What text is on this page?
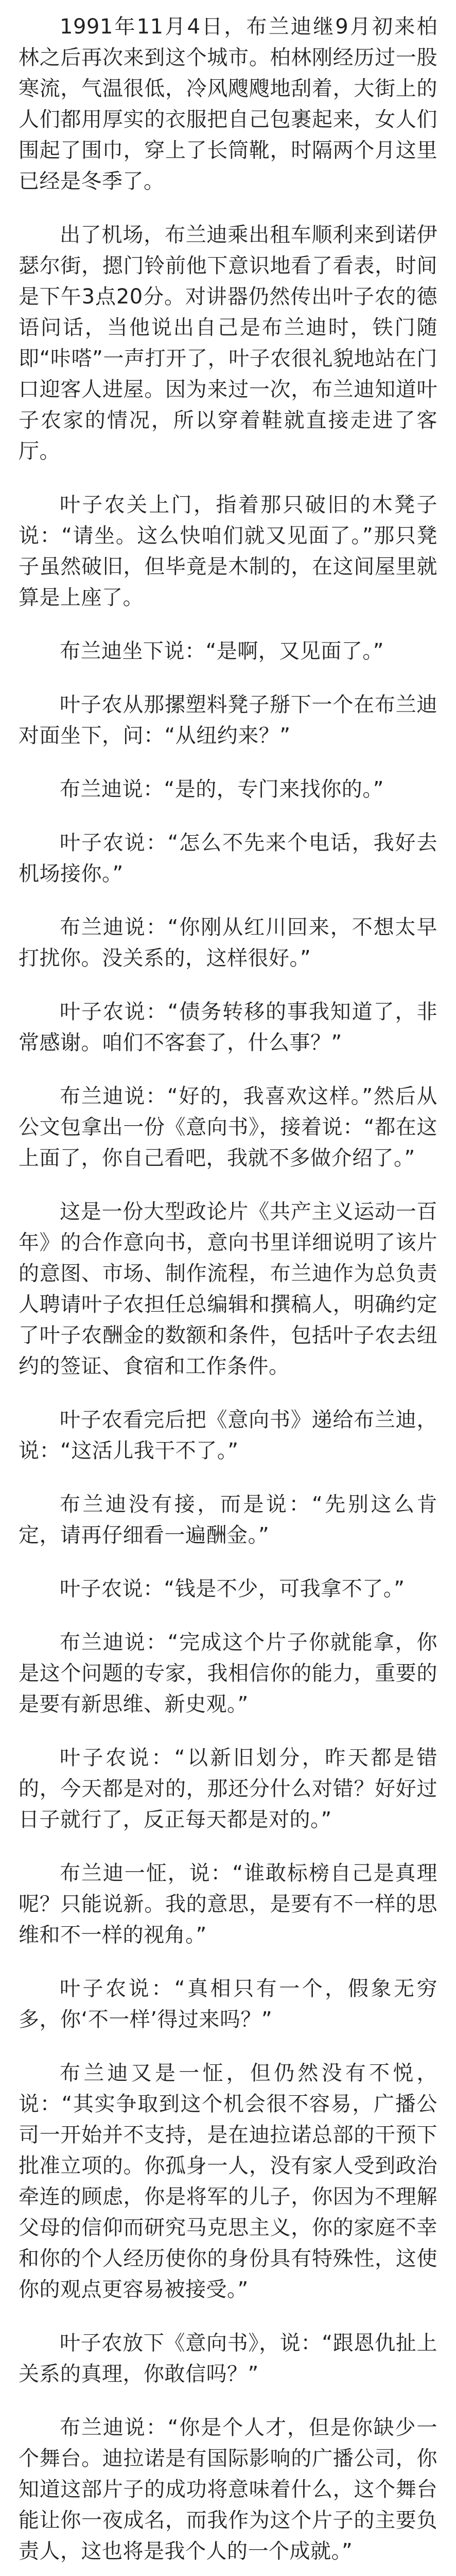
1991年11月4日，布兰迪继9月初来柏林之后再次来到这个城市。柏林刚经历过一股寒流，气温很低，冷风飕飕地刮着，大街上的人们都用厚实的衣服把自己包裹起来，女人们围起了围巾，穿上了长筒靴，时隔两个月这里已经是冬季了。

出了机场，布兰迪乘出租车顺利来到诺伊瑟尔街，摁门铃前他下意识地看了看表，时间是下午3点20分。对讲器仍然传出叶子农的德语问话，当他说出自己是布兰迪时，铁门随即“咔嗒”一声打开了，叶子农很礼貌地站在门口迎客人进屋。因为来过一次，布兰迪知道叶子农家的情况，所以穿着鞋就直接走进了客厅。

叶子农关上门，指着那只破旧的木凳子说：“请坐。这么快咱们就又见面了。”那只凳子虽然破旧，但毕竟是木制的，在这间屋里就算是上座了。

布兰迪坐下说：“是啊，又见面了。”

叶子农从那摞塑料凳子掰下一个在布兰迪对面坐下，问：“从纽约来？”

布兰迪说：“是的，专门来找你的。”

叶子农说：“怎么不先来个电话，我好去机场接你。”

布兰迪说：“你刚从红川回来，不想太早打扰你。没关系的，这样很好。”

叶子农说：“债务转移的事我知道了，非常感谢。咱们不客套了，什么事？”

布兰迪说：“好的，我喜欢这样。”然后从公文包拿出一份《意向书》，接着说：“都在这上面了，你自己看吧，我就不多做介绍了。”

这是一份大型政论片《共产主义运动一百年》的合作意向书，意向书里详细说明了该片的意图、市场、制作流程，布兰迪作为总负责人聘请叶子农担任总编辑和撰稿人，明确约定了叶子农酬金的数额和条件，包括叶子农去纽约的签证、食宿和工作条件。

叶子农看完后把《意向书》递给布兰迪，说：“这活儿我干不了。”

布兰迪没有接，而是说：“先别这么肯定，请再仔细看一遍酬金。”

叶子农说：“钱是不少，可我拿不了。”

布兰迪说：“完成这个片子你就能拿，你是这个问题的专家，我相信你的能力，重要的是要有新思维、新史观。”

叶子农说：“以新旧划分，昨天都是错的，今天都是对的，那还分什么对错？好好过日子就行了，反正每天都是对的。”

布兰迪一怔，说：“谁敢标榜自己是真理呢？只能说新。我的意思，是要有不一样的思维和不一样的视角。”

叶子农说：“真相只有一个，假象无穷多，你‘不一样’得过来吗？”

布兰迪又是一怔，但仍然没有不悦，说：“其实争取到这个机会很不容易，广播公司一开始并不支持，是在迪拉诺总部的干预下批准立项的。你孤身一人，没有家人受到政治牵连的顾虑，你是将军的儿子，你因为不理解父母的信仰而研究马克思主义，你的家庭不幸和你的个人经历使你的身份具有特殊性，这使你的观点更容易被接受。”

叶子农放下《意向书》，说：“跟恩仇扯上关系的真理，你敢信吗？”

布兰迪说：“你是个人才，但是你缺少一个舞台。迪拉诺是有国际影响的广播公司，你知道这部片子的成功将意味着什么，这个舞台能让你一夜成名，而我作为这个片子的主要负责人，这也将是我个人的一个成就。”
